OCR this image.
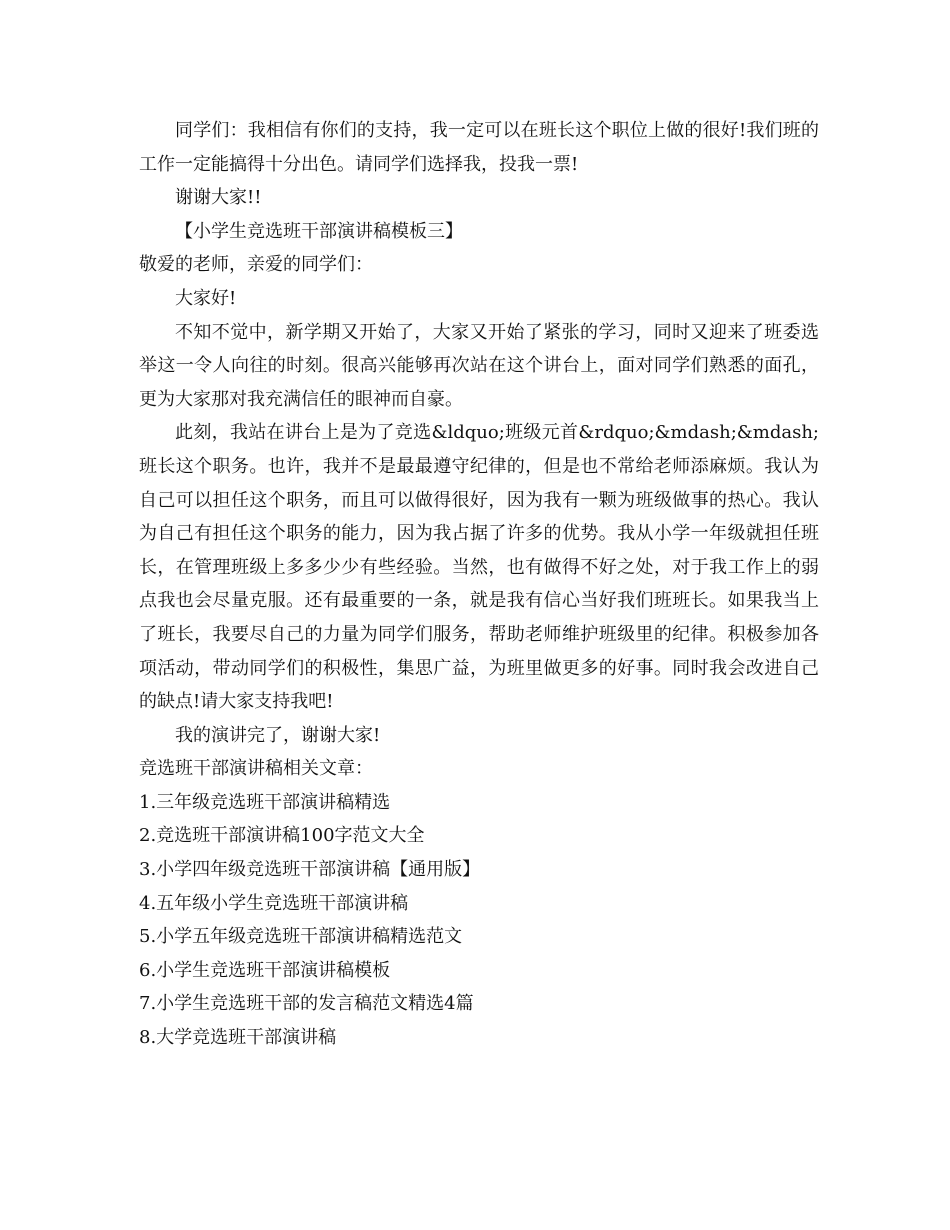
同学们：我相信有你们的支持，我一定可以在班长这个职位上做的很好!我们班的工作一定能搞得十分出色。请同学们选择我，投我一票!

谢谢大家!!

【小学生竞选班干部演讲稿模板三】

敬爱的老师，亲爱的同学们：

大家好!

不知不觉中，新学期又开始了，大家又开始了紧张的学习，同时又迎来了班委选举这一令人向往的时刻。很高兴能够再次站在这个讲台上，面对同学们熟悉的面孔，更为大家那对我充满信任的眼神而自豪。

此刻，我站在讲台上是为了竞选&ldquo;班级元首&rdquo;&mdash;&mdash;班长这个职务。也许，我并不是最最遵守纪律的，但是也不常给老师添麻烦。我认为自己可以担任这个职务，而且可以做得很好，因为我有一颗为班级做事的热心。我认为自己有担任这个职务的能力，因为我占据了许多的优势。我从小学一年级就担任班长，在管理班级上多多少少有些经验。当然，也有做得不好之处，对于我工作上的弱点我也会尽量克服。还有最重要的一条，就是我有信心当好我们班班长。如果我当上了班长，我要尽自己的力量为同学们服务，帮助老师维护班级里的纪律。积极参加各项活动，带动同学们的积极性，集思广益，为班里做更多的好事。同时我会改进自己的缺点!请大家支持我吧!

我的演讲完了，谢谢大家!

竞选班干部演讲稿相关文章：

1.三年级竞选班干部演讲稿精选
2.竞选班干部演讲稿100字范文大全
3.小学四年级竞选班干部演讲稿【通用版】
4.五年级小学生竞选班干部演讲稿
5.小学五年级竞选班干部演讲稿精选范文
6.小学生竞选班干部演讲稿模板
7.小学生竞选班干部的发言稿范文精选4篇
8.大学竞选班干部演讲稿
